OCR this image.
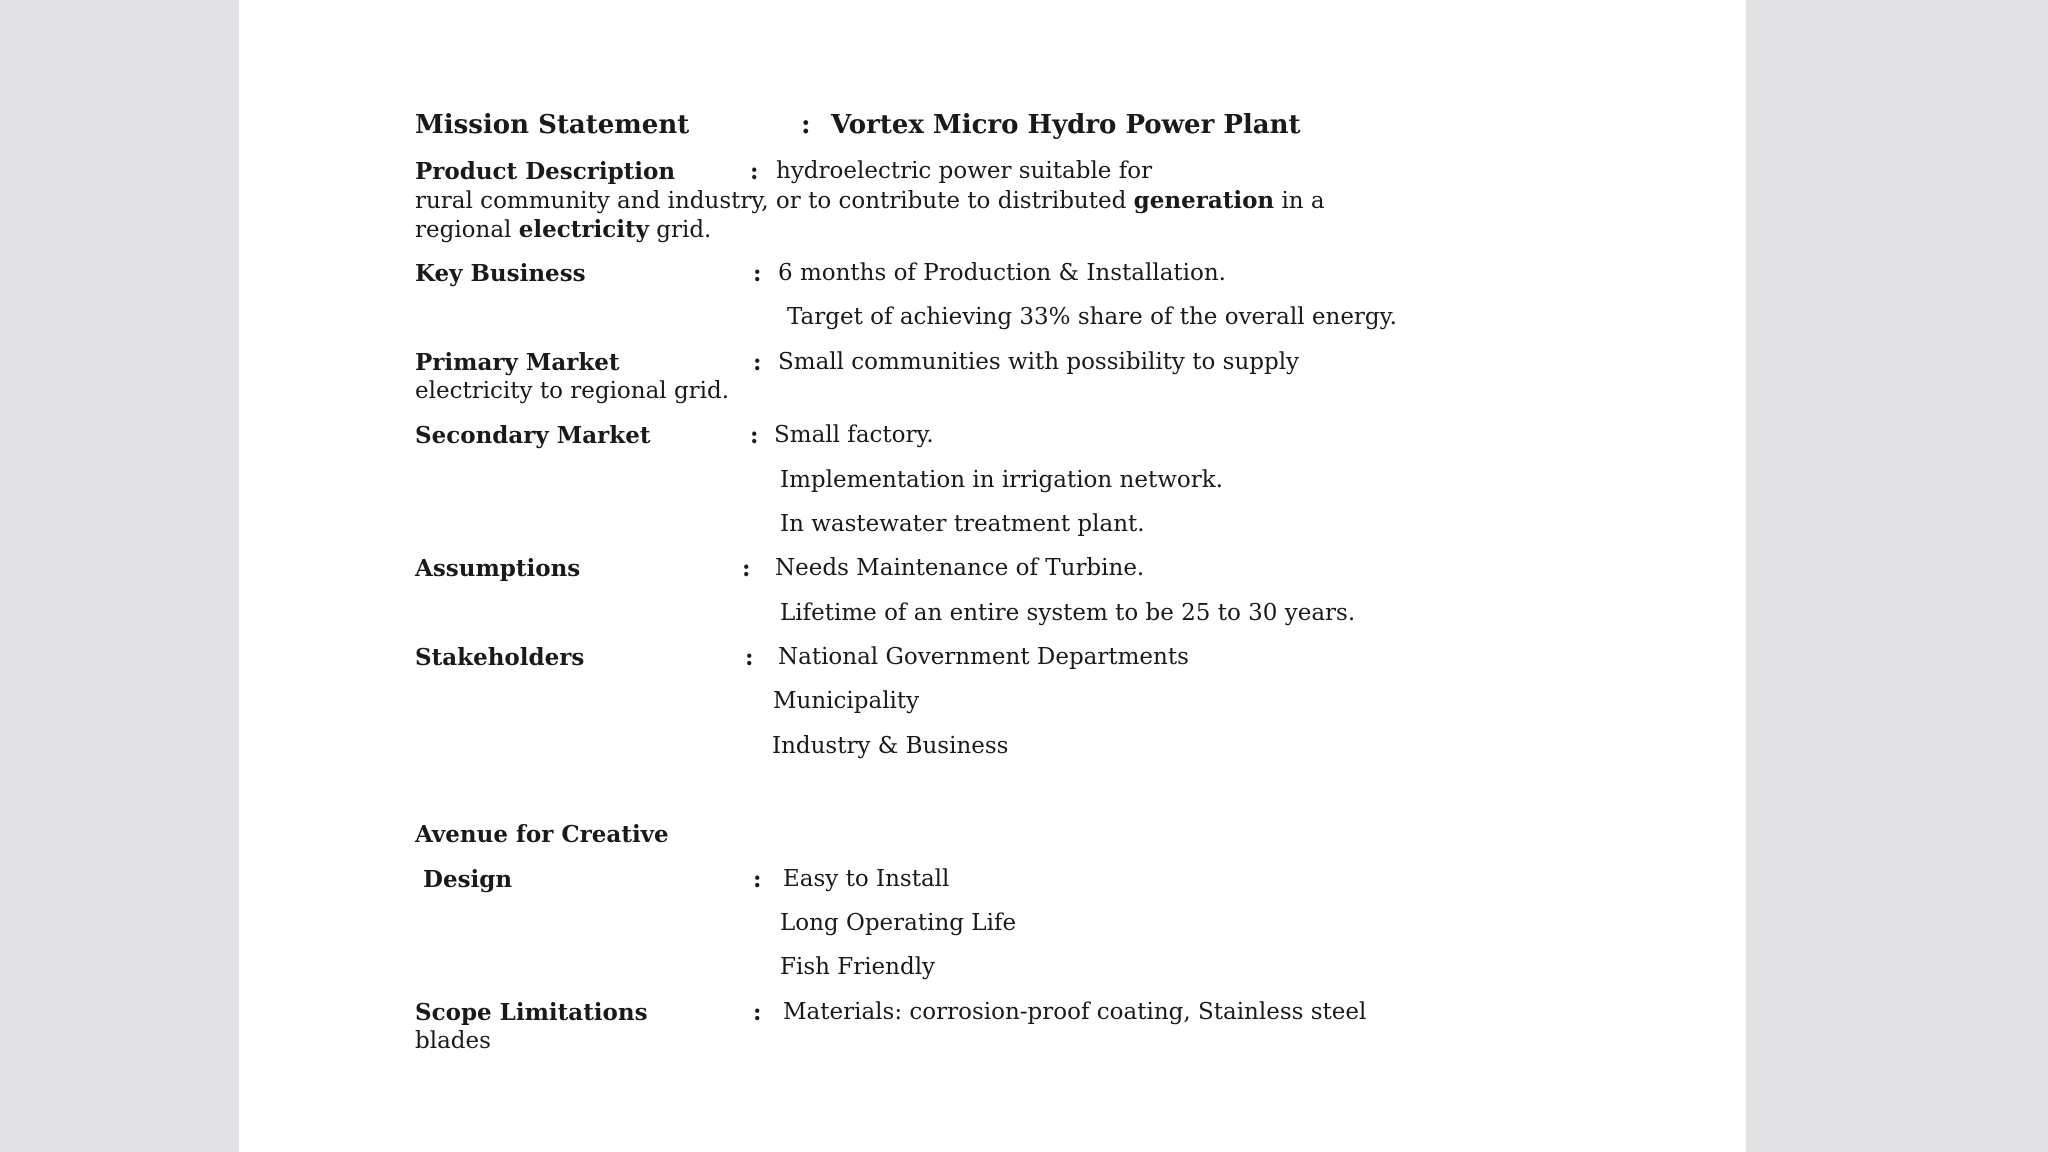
Mission Statement	: Vortex Micro Hydro Power Plant
Product Description	: hydroelectric power suitable for
rural community and industry, or to contribute to distributed generation in a
regional electricity grid.
Key Business	: 6 months of Production & Installation.
Target of achieving 33% share of the overall energy.
Primary Market	: Small communities with possibility to supply
electricity to regional grid.
Secondary Market	: Small factory.
Implementation in irrigation network.
In wastewater treatment plant.
Assumptions	: Needs Maintenance of Turbine.
Lifetime of an entire system to be 25 to 30 years.
Stakeholders	: National Government Departments
Municipality
Industry & Business
Avenue for Creative
Design	: Easy to Install
Long Operating Life
Fish Friendly
Scope Limitations	: Materials: corrosion-proof coating, Stainless steel
blades
